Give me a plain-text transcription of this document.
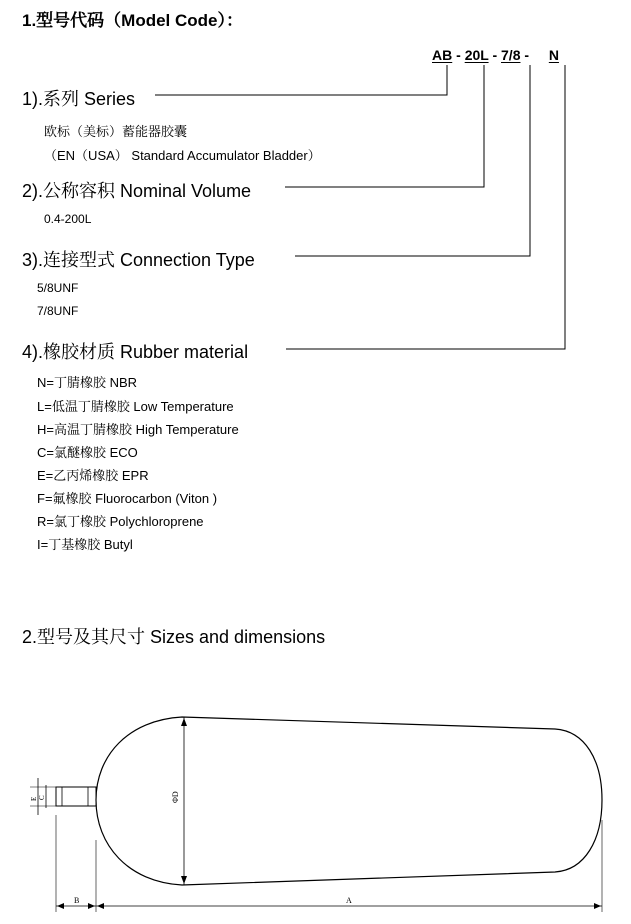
1.型号代码（Model Code）：
AB - 20L - 7/8 - N
1).系列 Series
欧标（美标）蓄能器胶囊
（EN（USA） Standard Accumulator Bladder）
2).公称容积 Nominal Volume
0.4-200L
3).连接型式 Connection Type
5/8UNF
7/8UNF
4).橡胶材质 Rubber material
N=丁腈橡胶 NBR
L=低温丁腈橡胶 Low Temperature
H=高温丁腈橡胶 High Temperature
C=氯醚橡胶 ECO
E=乙丙烯橡胶 EPR
F=氟橡胶 Fluorocarbon (Viton )
R=氯丁橡胶 Polychloroprene
I=丁基橡胶 Butyl
2.型号及其尺寸 Sizes and dimensions
ΦD
E C
B	A
